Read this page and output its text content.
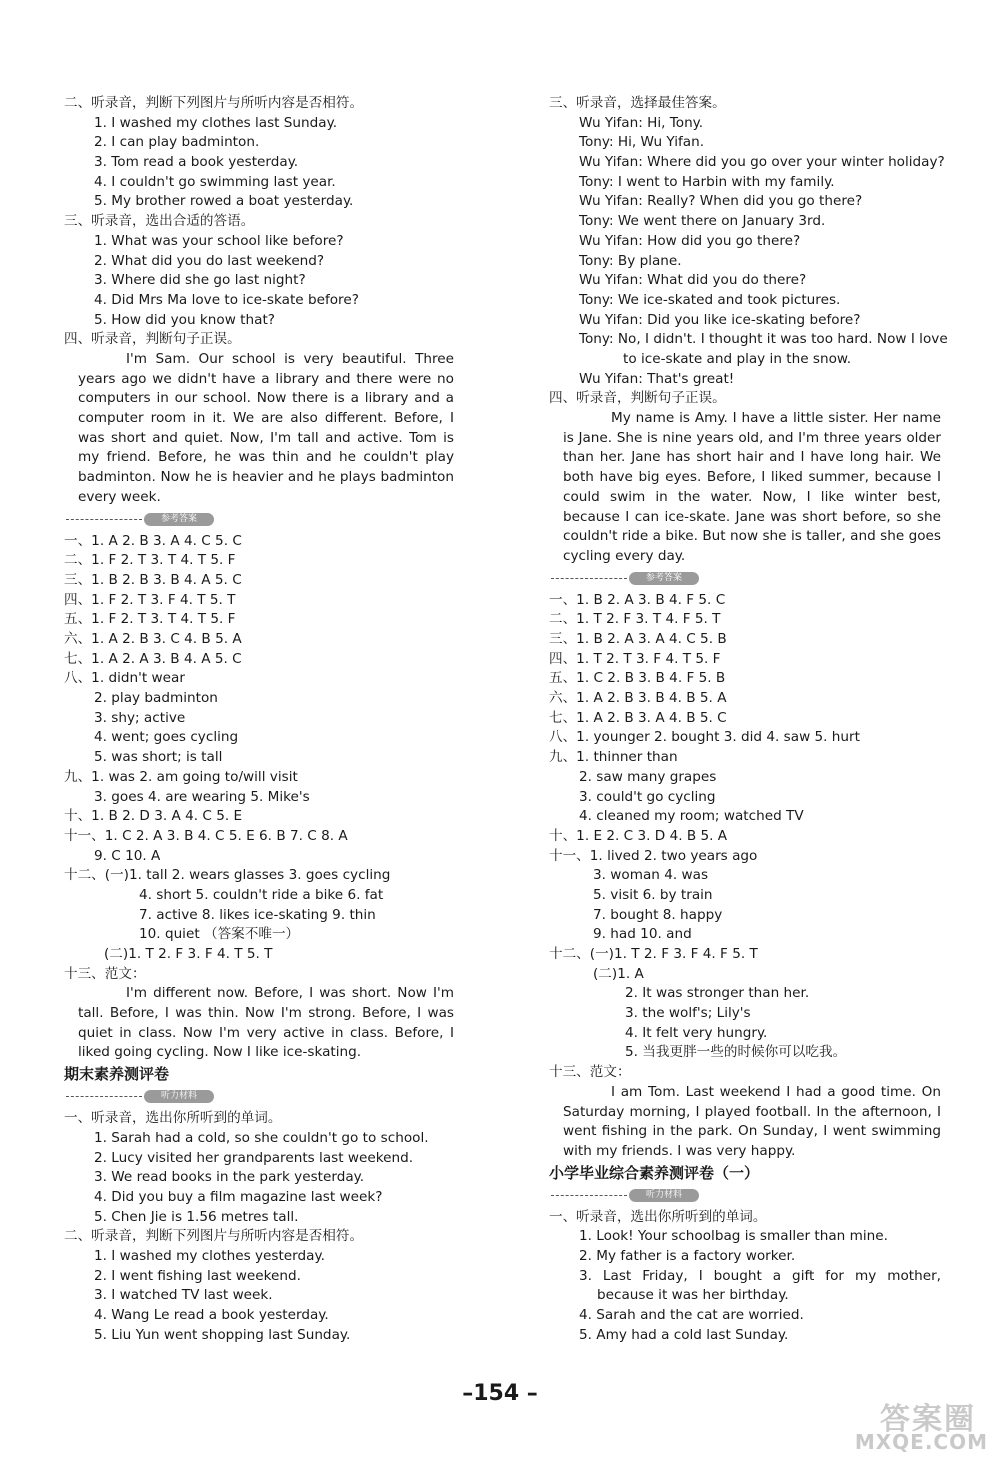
二、听录音，判断下列图片与所听内容是否相符。
1. I washed my clothes last Sunday.
2. I can play badminton.
3. Tom read a book yesterday.
4. I couldn't go swimming last year.
5. My brother rowed a boat yesterday.
三、听录音，选出合适的答语。
1. What was your school like before?
2. What did you do last weekend?
3. Where did she go last night?
4. Did Mrs Ma love to ice-skate before?
5. How did you know that?
四、听录音，判断句子正误。
I'm Sam. Our school is very beautiful. Three years ago we didn't have a library and there were no computers in our school. Now there is a library and a computer room in it. We are also different. Before, I was short and quiet. Now, I'm tall and active. Tom is my friend. Before, he was thin and he couldn't play badminton. Now he is heavier and he plays badminton every week.
参考答案
一、1. A 2. B 3. A 4. C 5. C
二、1. F 2. T 3. T 4. T 5. F
三、1. B 2. B 3. B 4. A 5. C
四、1. F 2. T 3. F 4. T 5. T
五、1. F 2. T 3. T 4. T 5. F
六、1. A 2. B 3. C 4. B 5. A
七、1. A 2. A 3. B 4. A 5. C
八、1. didn't wear
2. play badminton
3. shy; active
4. went; goes cycling
5. was short; is tall
九、1. was 2. am going to/will visit
3. goes 4. are wearing 5. Mike's
十、1. B 2. D 3. A 4. C 5. E
十一、1. C 2. A 3. B 4. C 5. E 6. B 7. C 8. A
9. C 10. A
十二、(一)1. tall 2. wears glasses 3. goes cycling
4. short 5. couldn't ride a bike 6. fat
7. active 8. likes ice-skating 9. thin
10. quiet （答案不唯一）
(二)1. T 2. F 3. F 4. T 5. T
十三、范文：
I'm different now. Before, I was short. Now I'm tall. Before, I was thin. Now I'm strong. Before, I was quiet in class. Now I'm very active in class. Before, I liked going cycling. Now I like ice-skating.
期末素养测评卷
听力材料
一、听录音，选出你所听到的单词。
1. Sarah had a cold, so she couldn't go to school.
2. Lucy visited her grandparents last weekend.
3. We read books in the park yesterday.
4. Did you buy a film magazine last week?
5. Chen Jie is 1.56 metres tall.
二、听录音，判断下列图片与所听内容是否相符。
1. I washed my clothes yesterday.
2. I went fishing last weekend.
3. I watched TV last week.
4. Wang Le read a book yesterday.
5. Liu Yun went shopping last Sunday.
三、听录音，选择最佳答案。
Wu Yifan: Hi, Tony.
Tony: Hi, Wu Yifan.
Wu Yifan: Where did you go over your winter holiday?
Tony: I went to Harbin with my family.
Wu Yifan: Really? When did you go there?
Tony: We went there on January 3rd.
Wu Yifan: How did you go there?
Tony: By plane.
Wu Yifan: What did you do there?
Tony: We ice-skated and took pictures.
Wu Yifan: Did you like ice-skating before?
Tony: No, I didn't. I thought it was too hard. Now I love
to ice-skate and play in the snow.
Wu Yifan: That's great!
四、听录音，判断句子正误。
My name is Amy. I have a little sister. Her name is Jane. She is nine years old, and I'm three years older than her. Jane has short hair and I have long hair. We both have big eyes. Before, I liked summer, because I could swim in the water. Now, I like winter best, because I can ice-skate. Jane was short before, so she couldn't ride a bike. But now she is taller, and she goes cycling every day.
参考答案
一、1. B 2. A 3. B 4. F 5. C
二、1. T 2. F 3. T 4. F 5. T
三、1. B 2. A 3. A 4. C 5. B
四、1. T 2. T 3. F 4. T 5. F
五、1. C 2. B 3. B 4. F 5. B
六、1. A 2. B 3. B 4. B 5. A
七、1. A 2. B 3. A 4. B 5. C
八、1. younger 2. bought 3. did 4. saw 5. hurt
九、1. thinner than
2. saw many grapes
3. could't go cycling
4. cleaned my room; watched TV
十、1. E 2. C 3. D 4. B 5. A
十一、1. lived 2. two years ago
3. woman 4. was
5. visit 6. by train
7. bought 8. happy
9. had 10. and
十二、(一)1. T 2. F 3. F 4. F 5. T
(二)1. A
2. It was stronger than her.
3. the wolf's; Lily's
4. It felt very hungry.
5. 当我更胖一些的时候你可以吃我。
十三、范文：
I am Tom. Last weekend I had a good time. On Saturday morning, I played football. In the afternoon, I went fishing in the park. On Sunday, I went swimming with my friends. I was very happy.
小学毕业综合素养测评卷（一）
听力材料
一、听录音，选出你所听到的单词。
1. Look! Your schoolbag is smaller than mine.
2. My father is a factory worker.
3. Last Friday, I bought a gift for my mother, because it was her birthday.
4. Sarah and the cat are worried.
5. Amy had a cold last Sunday.
–154 –
答案圈
MXQE.COM
